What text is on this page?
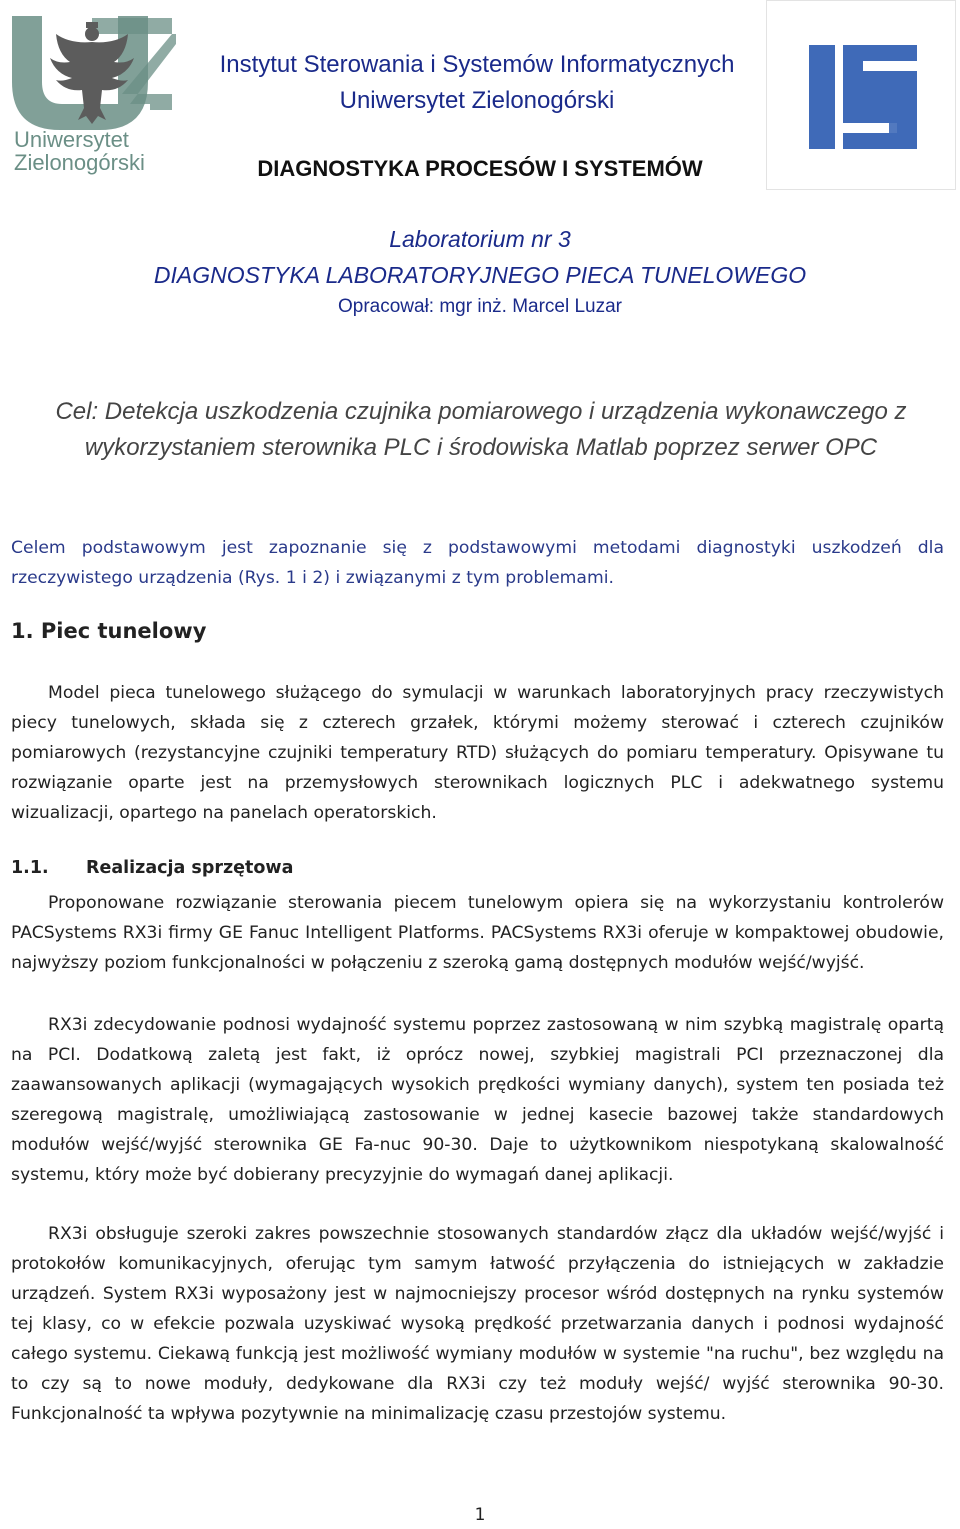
Uniwersytet
Zielonogórski
Instytut Sterowania i Systemów Informatycznych
Uniwersytet Zielonogórski
DIAGNOSTYKA PROCESÓW I SYSTEMÓW
Laboratorium nr 3
DIAGNOSTYKA LABORATORYJNEGO PIECA TUNELOWEGO
Opracował: mgr inż. Marcel Luzar
Cel: Detekcja uszkodzenia czujnika pomiarowego i urządzenia wykonawczego z wykorzystaniem sterownika PLC i środowiska Matlab poprzez serwer OPC

Celem podstawowym jest zapoznanie się z podstawowymi metodami diagnostyki uszkodzeń dla rzeczywistego urządzenia (Rys. 1 i 2) i związanymi z tym problemami.

1. Piec tunelowy

Model pieca tunelowego służącego do symulacji w warunkach laboratoryjnych pracy rzeczywistych piecy tunelowych, składa się z czterech grzałek, którymi możemy sterować i czterech czujników pomiarowych (rezystancyjne czujniki temperatury RTD) służących do pomiaru temperatury. Opisywane tu rozwiązanie oparte jest na przemysłowych sterownikach logicznych PLC i adekwatnego systemu wizualizacji, opartego na panelach operatorskich.

1.1. Realizacja sprzętowa

Proponowane rozwiązanie sterowania piecem tunelowym opiera się na wykorzystaniu kontrolerów PACSystems RX3i firmy GE Fanuc Intelligent Platforms. PACSystems RX3i oferuje w kompaktowej obudowie, najwyższy poziom funkcjonalności w połączeniu z szeroką gamą dostępnych modułów wejść/wyjść.

RX3i zdecydowanie podnosi wydajność systemu poprzez zastosowaną w nim szybką magistralę opartą na PCI. Dodatkową zaletą jest fakt, iż oprócz nowej, szybkiej magistrali PCI przeznaczonej dla zaawansowanych aplikacji (wymagających wysokich prędkości wymiany danych), system ten posiada też szeregową magistralę, umożliwiającą zastosowanie w jednej kasecie bazowej także standardowych modułów wejść/wyjść sterownika GE Fa-nuc 90-30. Daje to użytkownikom niespotykaną skalowalność systemu, który może być dobierany precyzyjnie do wymagań danej aplikacji.

RX3i obsługuje szeroki zakres powszechnie stosowanych standardów złącz dla układów wejść/wyjść i protokołów komunikacyjnych, oferując tym samym łatwość przyłączenia do istniejących w zakładzie urządzeń. System RX3i wyposażony jest w najmocniejszy procesor wśród dostępnych na rynku systemów tej klasy, co w efekcie pozwala uzyskiwać wysoką prędkość przetwarzania danych i podnosi wydajność całego systemu. Ciekawą funkcją jest możliwość wymiany modułów w systemie "na ruchu", bez względu na to czy są to nowe moduły, dedykowane dla RX3i czy też moduły wejść/ wyjść sterownika 90-30. Funkcjonalność ta wpływa pozytywnie na minimalizację czasu przestojów systemu.

1
